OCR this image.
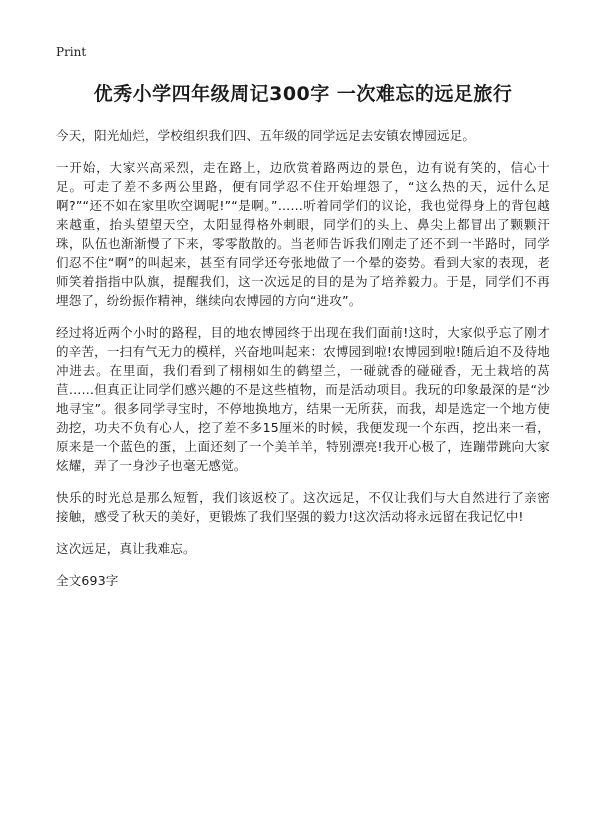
Print
优秀小学四年级周记300字 一次难忘的远足旅行
今天，阳光灿烂，学校组织我们四、五年级的同学远足去安镇农博园远足。
一开始，大家兴高采烈，走在路上，边欣赏着路两边的景色，边有说有笑的，信心十足。可走了差不多两公里路，便有同学忍不住开始埋怨了，“这么热的天，远什么足啊?”“还不如在家里吹空调呢!”“是啊。”……听着同学们的议论，我也觉得身上的背包越来越重，抬头望望天空，太阳显得格外刺眼，同学们的头上、鼻尖上都冒出了颗颗汗珠，队伍也渐渐慢了下来，零零散散的。当老师告诉我们刚走了还不到一半路时，同学们忍不住“啊”的叫起来，甚至有同学还夸张地做了一个晕的姿势。看到大家的表现，老师笑着指指中队旗，提醒我们，这一次远足的目的是为了培养毅力。于是，同学们不再埋怨了，纷纷振作精神，继续向农博园的方向“进攻”。
经过将近两个小时的路程，目的地农博园终于出现在我们面前!这时，大家似乎忘了刚才的辛苦，一扫有气无力的模样，兴奋地叫起来：农博园到啦!农博园到啦!随后迫不及待地冲进去。在里面，我们看到了栩栩如生的鹤望兰，一碰就香的碰碰香，无土栽培的莴苣……但真正让同学们感兴趣的不是这些植物，而是活动项目。我玩的印象最深的是“沙地寻宝”。很多同学寻宝时，不停地换地方，结果一无所获，而我，却是选定一个地方使劲挖，功夫不负有心人，挖了差不多15厘米的时候，我便发现一个东西，挖出来一看，原来是一个蓝色的蛋，上面还刻了一个美羊羊，特别漂亮!我开心极了，连蹦带跳向大家炫耀，弄了一身沙子也毫无感觉。
快乐的时光总是那么短暂，我们该返校了。这次远足，不仅让我们与大自然进行了亲密接触，感受了秋天的美好，更锻炼了我们坚强的毅力!这次活动将永远留在我记忆中!
这次远足，真让我难忘。
全文693字
